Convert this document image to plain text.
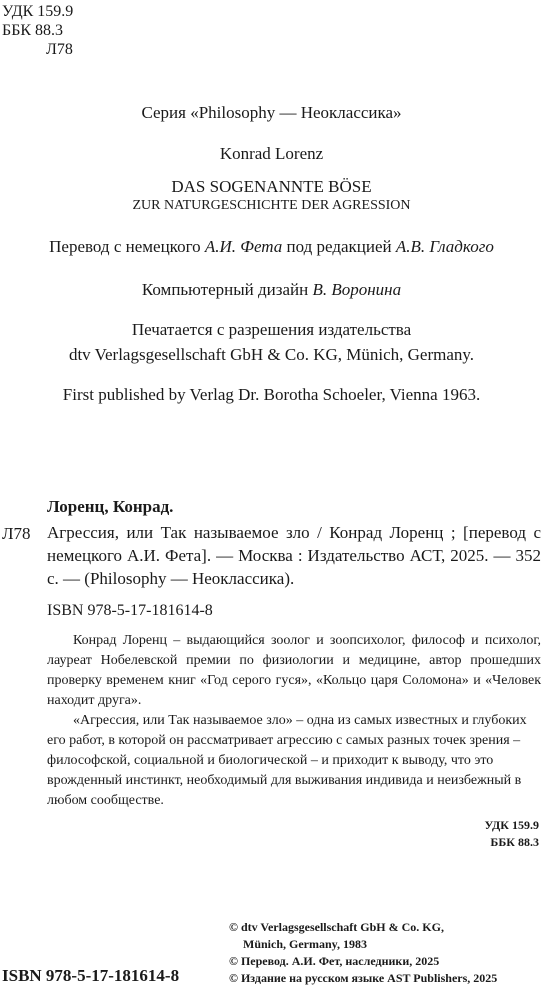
УДК 159.9
ББК 88.3
Л78
Серия «Philosophy — Неоклассика»
Konrad Lorenz
DAS SOGENANNTE BÖSE
ZUR NATURGESCHICHTE DER AGRESSION
Перевод с немецкого А.И. Фета под редакцией А.В. Гладкого
Компьютерный дизайн В. Воронина
Печатается с разрешения издательства
dtv Verlagsgesellschaft GbH & Co. KG, Münich, Germany.
First published by Verlag Dr. Borotha Schoeler, Vienna 1963.
Лоренц, Конрад.
Л78 Агрессия, или Так называемое зло / Конрад Лоренц ; [перевод с немецкого А.И. Фета]. — Москва : Издательство АСТ, 2025. — 352 с. — (Philosophy — Неоклассика).
ISBN 978-5-17-181614-8

Конрад Лоренц – выдающийся зоолог и зоопсихолог, философ и психолог, лауреат Нобелевской премии по физиологии и медицине, автор прошедших проверку временем книг «Год серого гуся», «Кольцо царя Соломона» и «Человек находит друга».

«Агрессия, или Так называемое зло» – одна из самых известных и глубоких его работ, в которой он рассматривает агрессию с самых разных точек зрения – философской, социальной и биологической – и приходит к выводу, что это врожденный инстинкт, необходимый для выживания индивида и неизбежный в любом сообществе.

УДК 159.9
ББК 88.3
© dtv Verlagsgesellschaft GbH & Co. KG,
Münich, Germany, 1983
© Перевод. А.И. Фет, наследники, 2025
© Издание на русском языке AST Publishers, 2025
ISBN 978-5-17-181614-8
